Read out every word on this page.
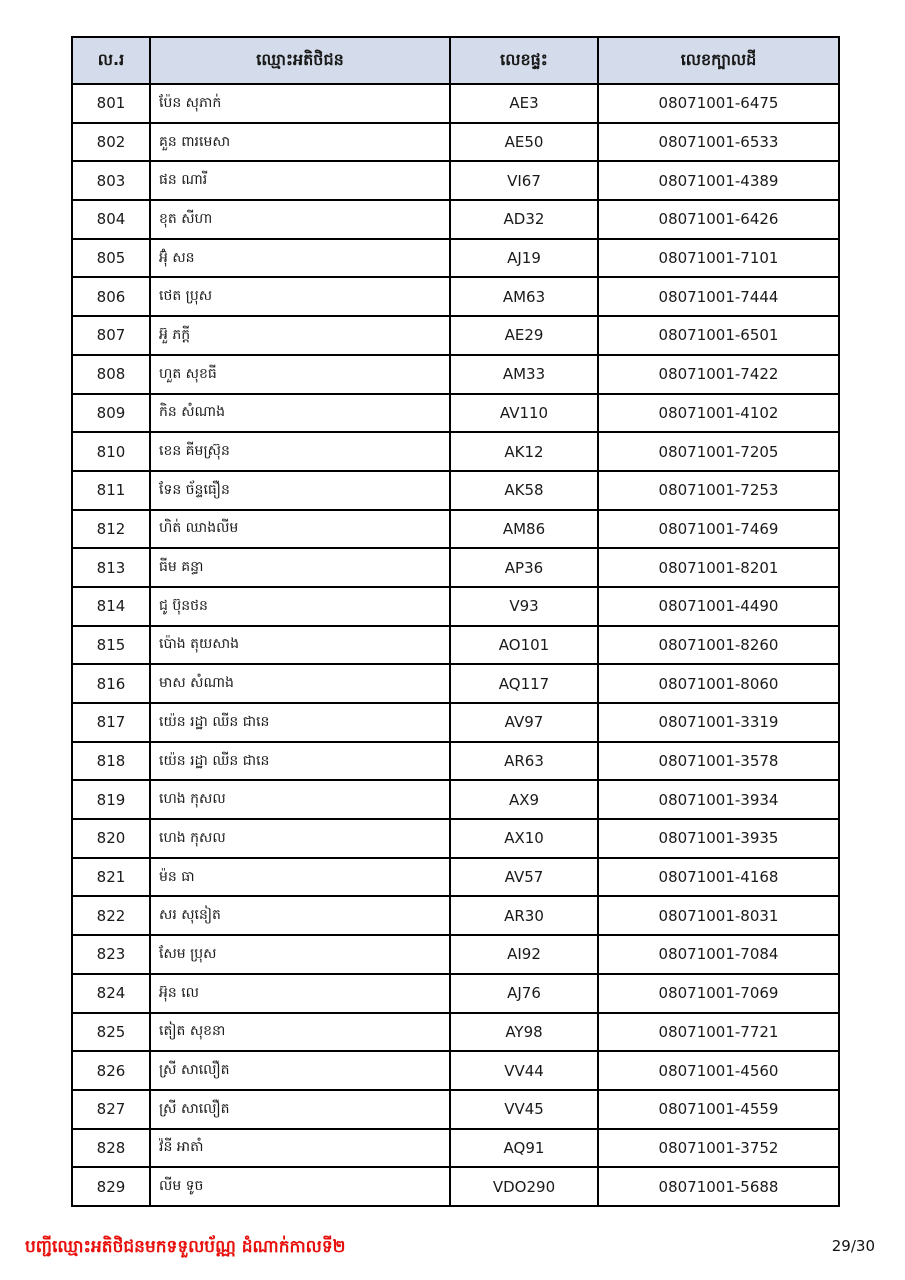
ល.រ	ឈ្មោះអតិថិជន	លេខផ្ទះ	លេខក្បាលដី
801	ប៉ែន សុភាក់	AE3	08071001-6475
802	គួន ពារមេសា	AE50	08071001-6533
803	ផន ណារី	VI67	08071001-4389
804	ខុត សីហា	AD32	08071001-6426
805	អ៊ុំ សន	AJ19	08071001-7101
806	ថេត ប្រុស	AM63	08071001-7444
807	អ៊ួ ភក្តី	AE29	08071001-6501
808	ហួត សុខធី	AM33	08071001-7422
809	កិន សំណាង	AV110	08071001-4102
810	ខេន គីមស្រ៊ុន	AK12	08071001-7205
811	ទែន ច័ន្ទធឿន	AK58	08071001-7253
812	ហិត់ ឈាងលីម	AM86	08071001-7469
813	ធីម គន្ធា	AP36	08071001-8201
814	ជូ ប៊ុនថន	V93	08071001-4490
815	ប៉ោង តុយសាង	AO101	08071001-8260
816	មាស សំណាង	AQ117	08071001-8060
817	យ៉េន រដ្ឋា ឈីន ជានេ	AV97	08071001-3319
818	យ៉េន រដ្ឋា ឈីន ជានេ	AR63	08071001-3578
819	ហេង កុសល	AX9	08071001-3934
820	ហេង កុសល	AX10	08071001-3935
821	ម៉ន ធា	AV57	08071001-4168
822	សរ សុនៀត	AR30	08071001-8031
823	សែម ប្រុស	AI92	08071001-7084
824	អ៊ុន លេ	AJ76	08071001-7069
825	តៀត សុខនា	AY98	08071001-7721
826	ស្រី សាលឿត	VV44	08071001-4560
827	ស្រី សាលឿត	VV45	08071001-4559
828	វ៉នី អាតាំ	AQ91	08071001-3752
829	លីម ទូច	VDO290	08071001-5688
បញ្ជីឈ្មោះអតិថិជនមកទទួលប័ណ្ណ ដំណាក់កាលទី២	29/30
